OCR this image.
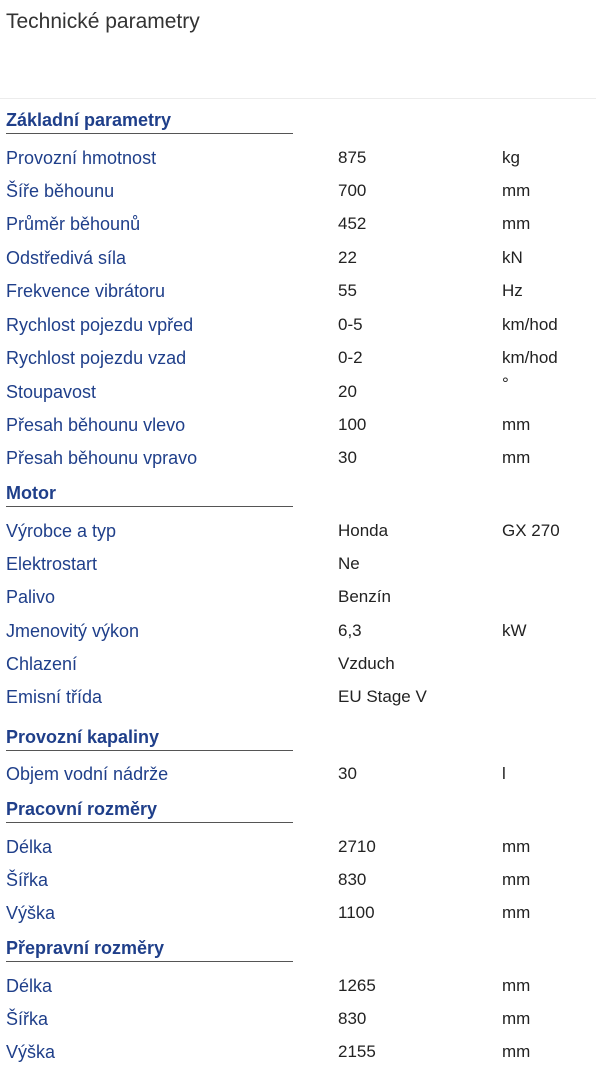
Technické parametry
Základní parametry
Provozní hmotnost	875	kg
Šíře běhounu	700	mm
Průměr běhounů	452	mm
Odstředivá síla	22	kN
Frekvence vibrátoru	55	Hz
Rychlost pojezdu vpřed	0-5	km/hod
Rychlost pojezdu vzad	0-2	km/hod
Stoupavost	20	°
Přesah běhounu vlevo	100	mm
Přesah běhounu vpravo	30	mm
Motor
Výrobce a typ	Honda	GX 270
Elektrostart	Ne
Palivo	Benzín
Jmenovitý výkon	6,3	kW
Chlazení	Vzduch
Emisní třída	EU Stage V
Provozní kapaliny
Objem vodní nádrže	30	l
Pracovní rozměry
Délka	2710	mm
Šířka	830	mm
Výška	1100	mm
Přepravní rozměry
Délka	1265	mm
Šířka	830	mm
Výška	2155	mm
